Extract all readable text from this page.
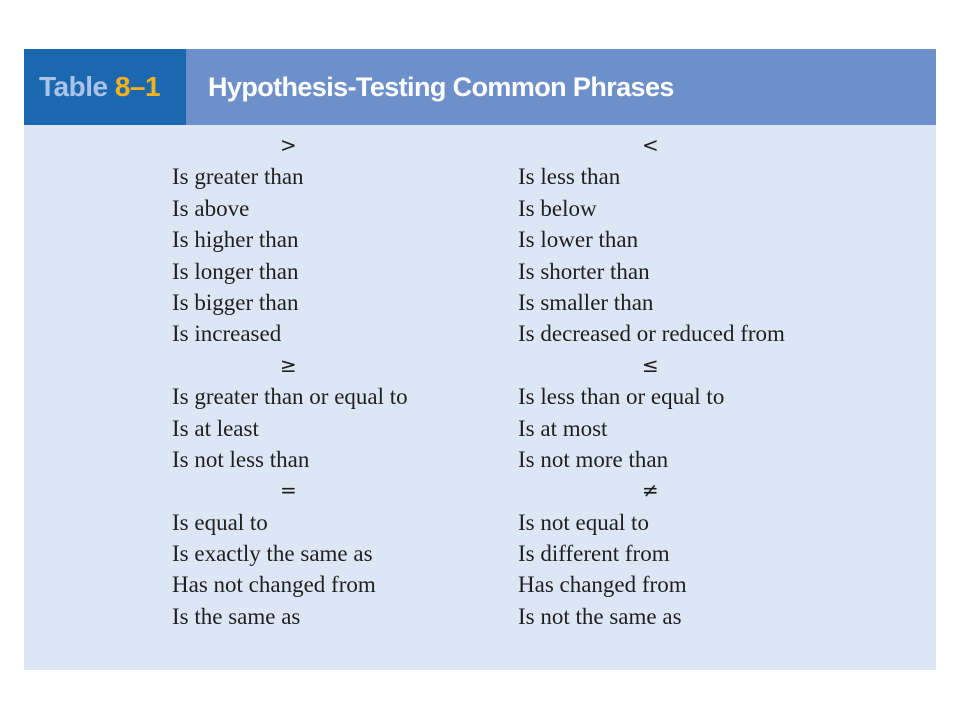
Table 8–1 Hypothesis-Testing Common Phrases
>
Is greater than
Is above
Is higher than
Is longer than
Is bigger than
Is increased
≥
Is greater than or equal to
Is at least
Is not less than
=
Is equal to
Is exactly the same as
Has not changed from
Is the same as
<
Is less than
Is below
Is lower than
Is shorter than
Is smaller than
Is decreased or reduced from
≤
Is less than or equal to
Is at most
Is not more than
≠
Is not equal to
Is different from
Has changed from
Is not the same as
